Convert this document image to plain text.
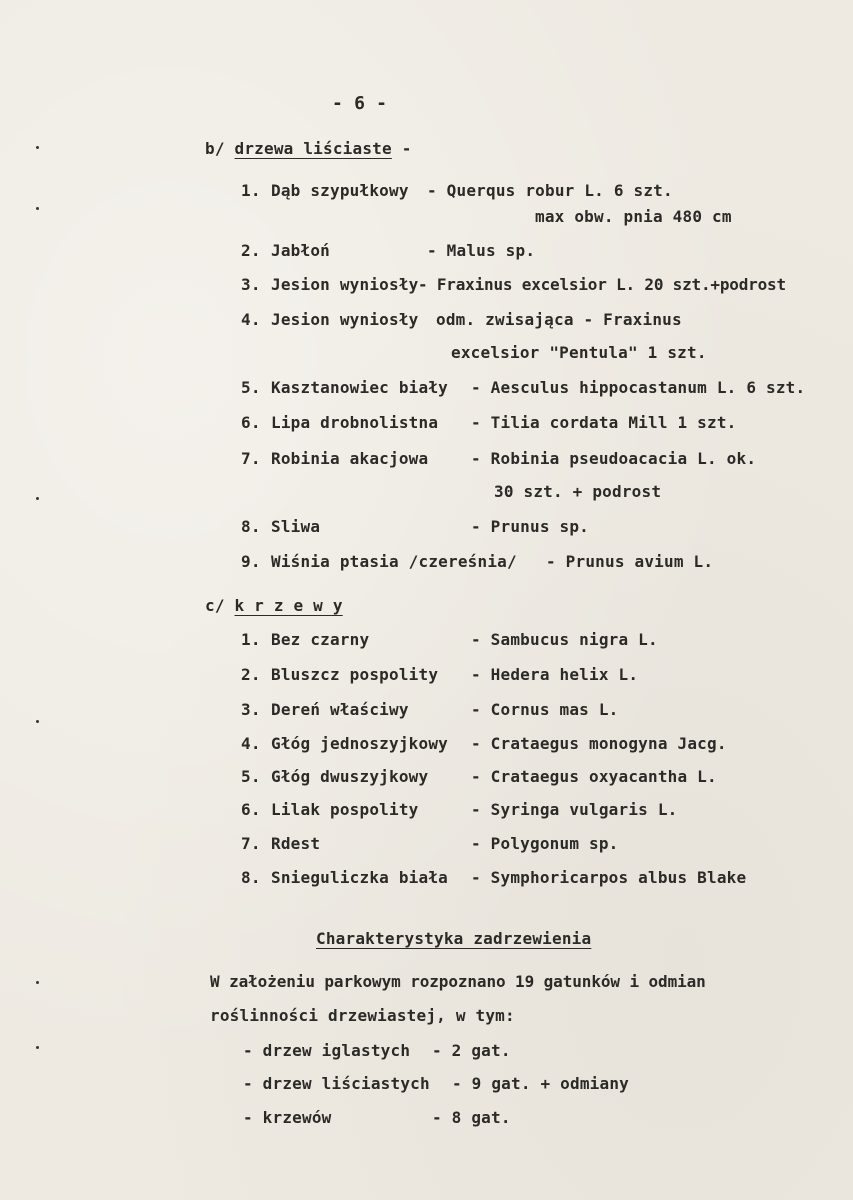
- 6 -
b/ drzewa liściaste -
1. Dąb szypułkowy - Querqus robur L. 6 szt.
max obw. pnia 480 cm
2. Jabłoń	- Malus sp.
3. Jesion wyniosły - Fraxinus excelsior L. 20 szt.+podrost
4. Jesion wyniosły odm. zwisająca - Fraxinus
excelsior "Pentula" 1 szt.
5. Kasztanowiec biały - Aesculus hippocastanum L. 6 szt.
6. Lipa drobnolistna - Tilia cordata Mill 1 szt.
7. Robinia akacjowa	- Robinia pseudoacacia L. ok.
30 szt. + podrost
8. Sliwa	- Prunus sp.
9. Wiśnia ptasia /czereśnia/ - Prunus avium L.
c/ k r z e w y
1. Bez czarny	- Sambucus nigra L.
2. Bluszcz pospolity - Hedera helix L.
3. Dereń właściwy	- Cornus mas L.
4. Głóg jednoszyjkowy - Crataegus monogyna Jacg.
5. Głóg dwuszyjkowy	- Crataegus oxyacantha L.
6. Lilak pospolity	- Syringa vulgaris L.
7. Rdest	- Polygonum sp.
8. Snieguliczka biała - Symphoricarpos albus Blake
Charakterystyka zadrzewienia
W założeniu parkowym rozpoznano 19 gatunków i odmian
roślinności drzewiastej, w tym:
- drzew iglastych - 2 gat.
- drzew liściastych - 9 gat. + odmiany
- krzewów	- 8 gat.
